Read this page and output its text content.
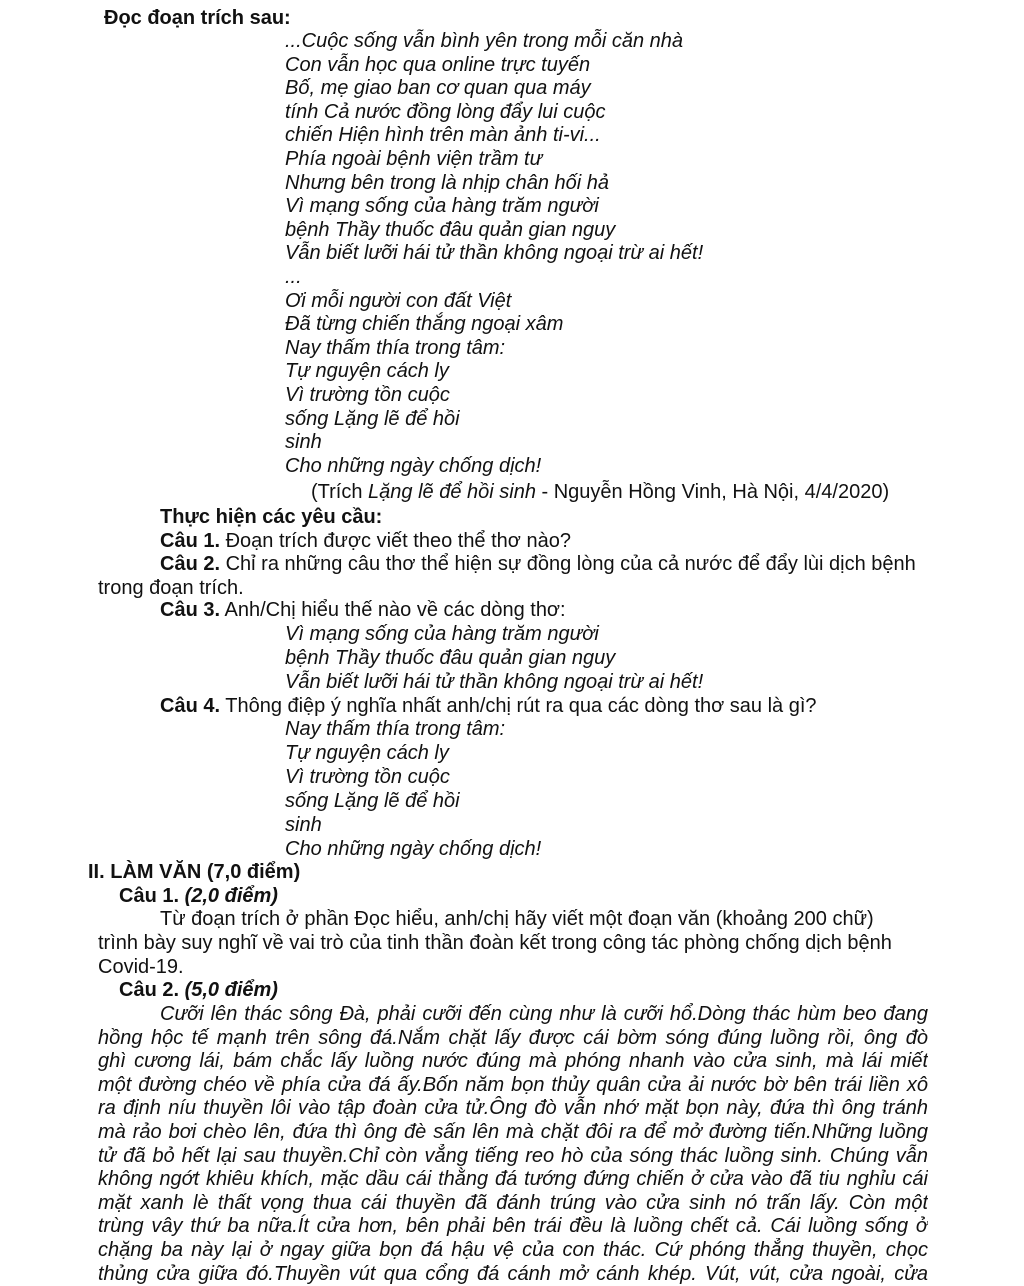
Đọc đoạn trích sau:
...Cuộc sống vẫn bình yên trong mỗi căn nhà
Con vẫn học qua online trực tuyến
Bố, mẹ giao ban cơ quan qua máy
tính Cả nước đồng lòng đẩy lui cuộc
chiến Hiện hình trên màn ảnh ti-vi...
Phía ngoài bệnh viện trầm tư
Nhưng bên trong là nhịp chân hối hả
Vì mạng sống của hàng trăm người
bệnh Thầy thuốc đâu quản gian nguy
Vẫn biết lưỡi hái tử thần không ngoại trừ ai hết!
...
Ơi mỗi người con đất Việt
Đã từng chiến thắng ngoại xâm
Nay thấm thía trong tâm:
Tự nguyện cách ly
Vì trường tồn cuộc
sống Lặng lẽ để hồi
sinh
Cho những ngày chống dịch!
(Trích Lặng lẽ để hồi sinh - Nguyễn Hồng Vinh, Hà Nội, 4/4/2020)
Thực hiện các yêu cầu:
Câu 1. Đoạn trích được viết theo thể thơ nào?
Câu 2. Chỉ ra những câu thơ thể hiện sự đồng lòng của cả nước để đẩy lùi dịch bệnh
trong đoạn trích.
Câu 3. Anh/Chị hiểu thế nào về các dòng thơ:
Vì mạng sống của hàng trăm người
bệnh Thầy thuốc đâu quản gian nguy
Vẫn biết lưỡi hái tử thần không ngoại trừ ai hết!
Câu 4. Thông điệp ý nghĩa nhất anh/chị rút ra qua các dòng thơ sau là gì?
Nay thấm thía trong tâm:
Tự nguyện cách ly
Vì trường tồn cuộc
sống Lặng lẽ để hồi
sinh
Cho những ngày chống dịch!
II. LÀM VĂN (7,0 điểm)
Câu 1. (2,0 điểm)
Từ đoạn trích ở phần Đọc hiểu, anh/chị hãy viết một đoạn văn (khoảng 200 chữ)
trình bày suy nghĩ về vai trò của tinh thần đoàn kết trong công tác phòng chống dịch bệnh
Covid-19.
Câu 2. (5,0 điểm)
Cưỡi lên thác sông Đà, phải cưỡi đến cùng như là cưỡi hổ.Dòng thác hùm beo đang
hồng hộc tế mạnh trên sông đá.Nắm chặt lấy được cái bờm sóng đúng luồng rồi, ông đò
ghì cương lái, bám chắc lấy luồng nước đúng mà phóng nhanh vào cửa sinh, mà lái miết
một đường chéo về phía cửa đá ấy.Bốn năm bọn thủy quân cửa ải nước bờ bên trái liền xô
ra định níu thuyền lôi vào tập đoàn cửa tử.Ông đò vẫn nhớ mặt bọn này, đứa thì ông tránh
mà rảo bơi chèo lên, đứa thì ông đè sấn lên mà chặt đôi ra để mở đường tiến.Những luồng
tử đã bỏ hết lại sau thuyền.Chỉ còn vẳng tiếng reo hò của sóng thác luồng sinh. Chúng vẫn
không ngớt khiêu khích, mặc dầu cái thằng đá tướng đứng chiến ở cửa vào đã tiu nghỉu cái
mặt xanh lè thất vọng thua cái thuyền đã đánh trúng vào cửa sinh nó trấn lấy. Còn một
trùng vây thứ ba nữa.Ít cửa hơn, bên phải bên trái đều là luồng chết cả. Cái luồng sống ở
chặng ba này lại ở ngay giữa bọn đá hậu vệ của con thác. Cứ phóng thẳng thuyền, chọc
thủng cửa giữa đó.Thuyền vút qua cổng đá cánh mở cánh khép. Vút, vút, cửa ngoài, cửa
